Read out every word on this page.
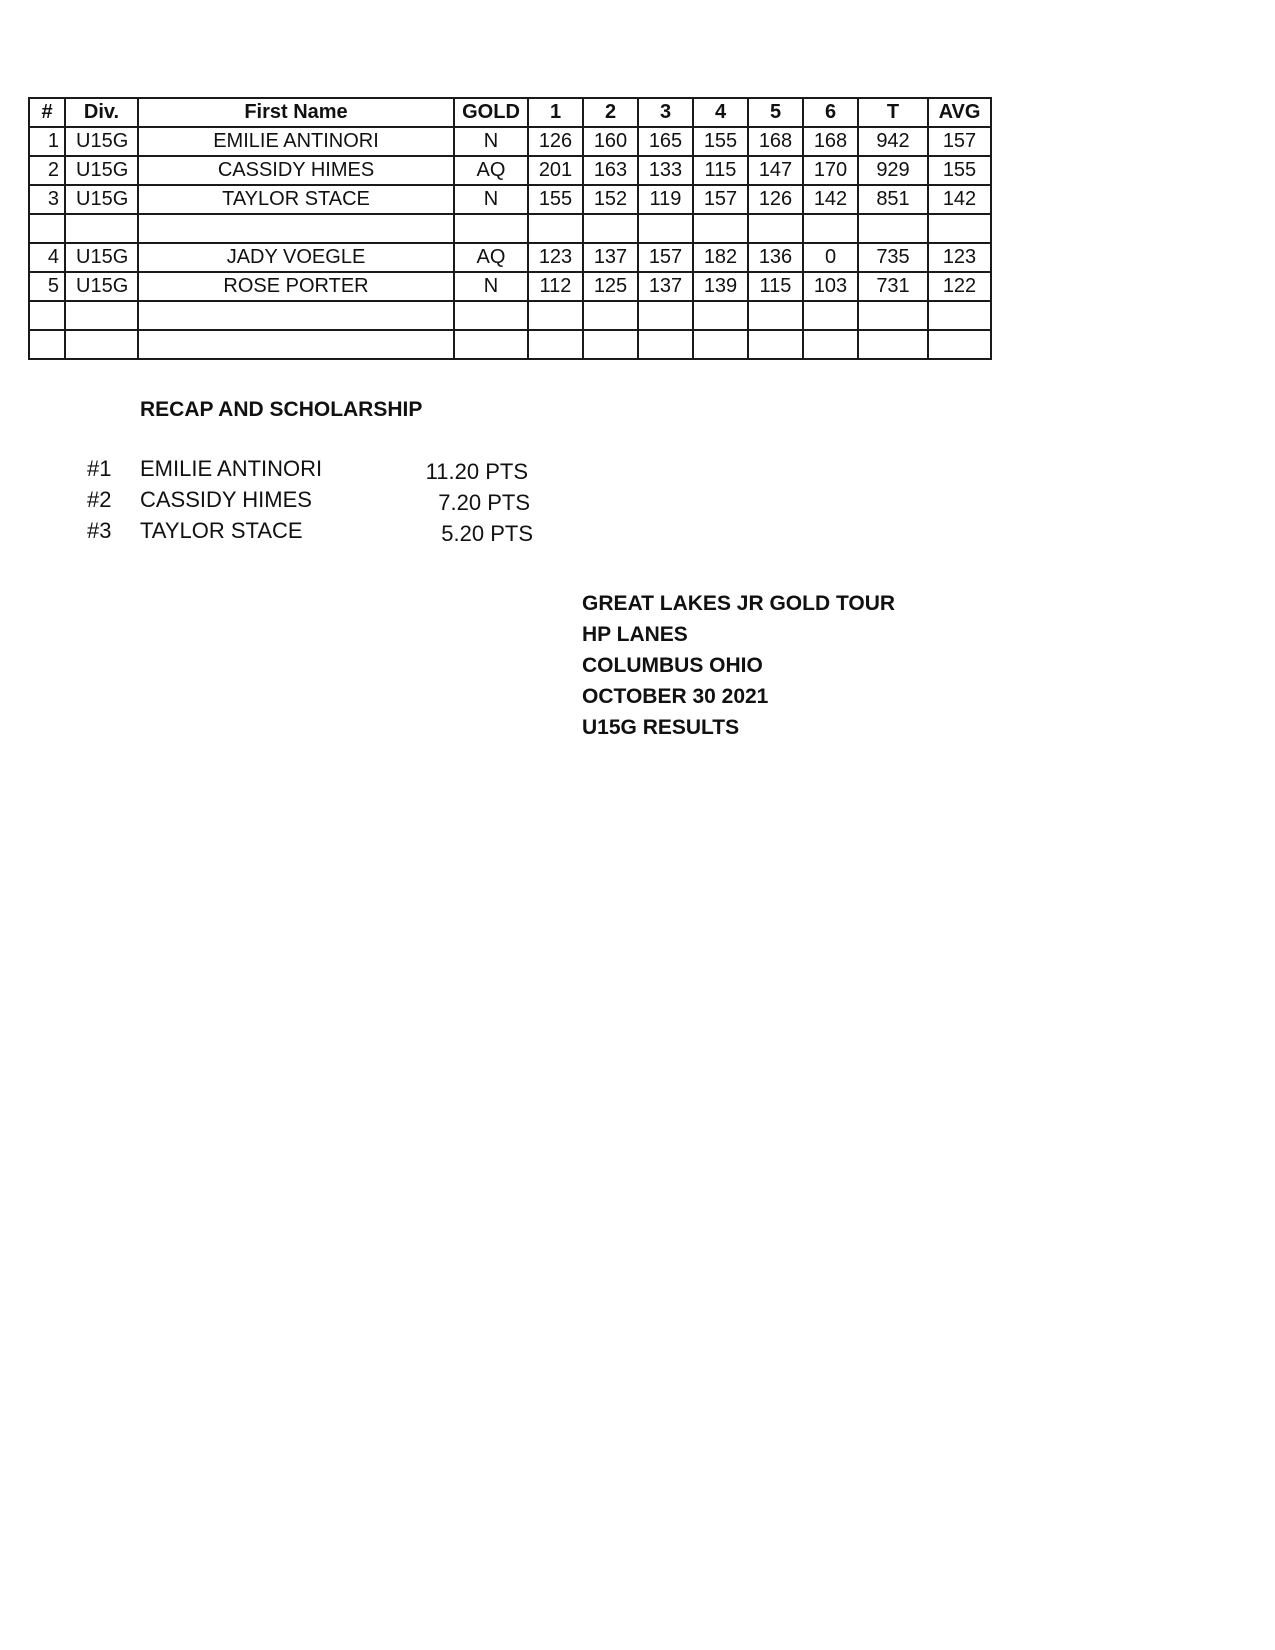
#	Div.	First Name	GOLD	1	2	3	4	5	6	T	AVG
1	U15G	EMILIE ANTINORI	N	126	160	165	155	168	168	942	157
2	U15G	CASSIDY HIMES	AQ	201	163	133	115	147	170	929	155
3	U15G	TAYLOR STACE	N	155	152	119	157	126	142	851	142

4	U15G	JADY VOEGLE	AQ	123	137	157	182	136	0	735	123
5	U15G	ROSE PORTER	N	112	125	137	139	115	103	731	122

RECAP AND SCHOLARSHIP
#1 EMILIE ANTINORI	11.20 PTS
#2 CASSIDY HIMES	7.20 PTS
#3 TAYLOR STACE	5.20 PTS
GREAT LAKES JR GOLD TOUR
HP LANES
COLUMBUS OHIO
OCTOBER 30 2021
U15G RESULTS
